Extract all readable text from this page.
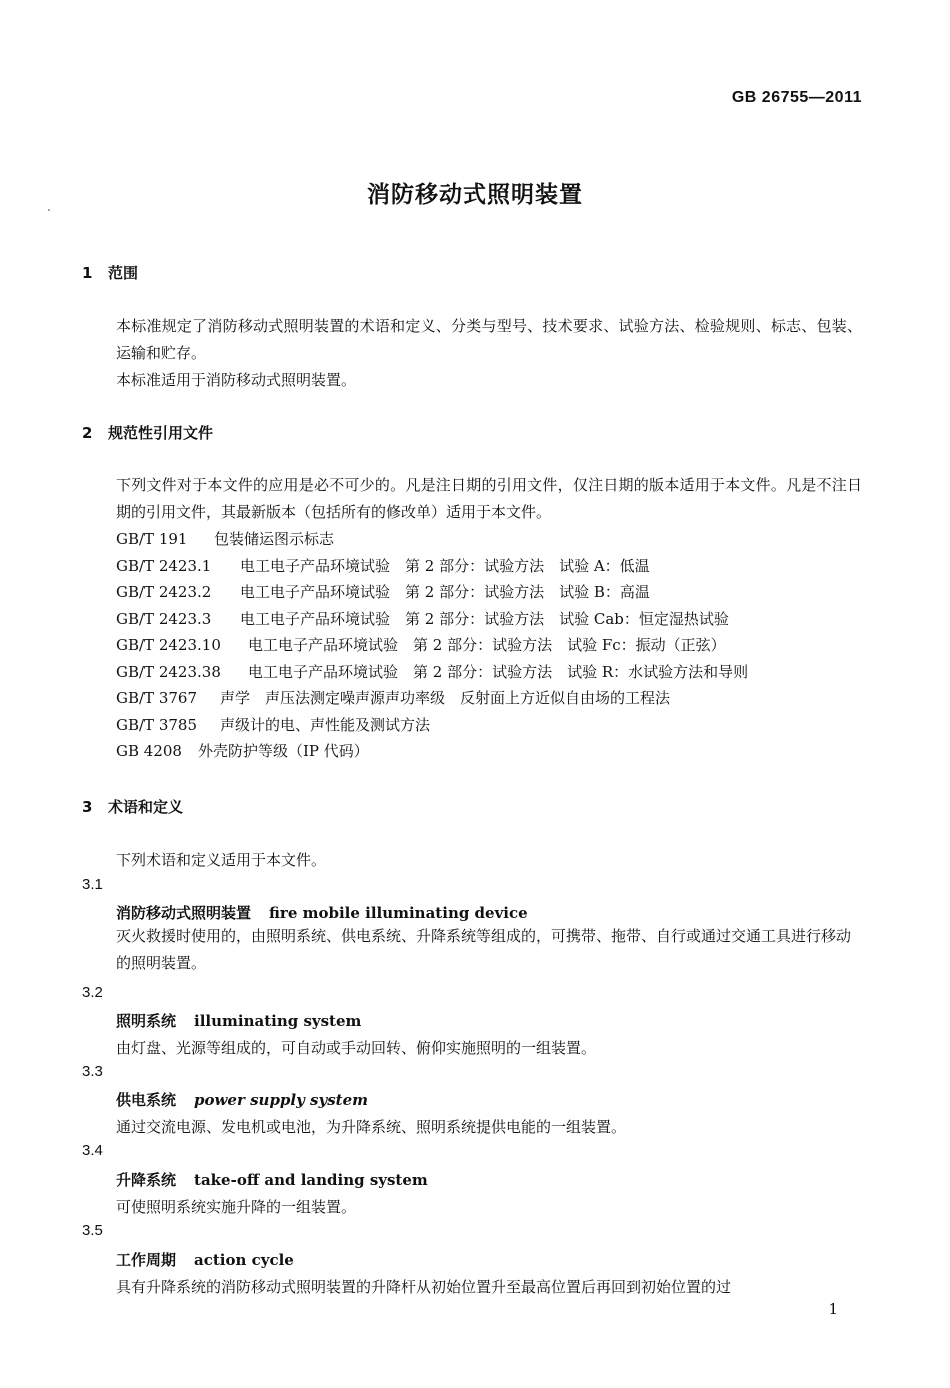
GB 26755—2011
消防移动式照明装置
1 范围
本标准规定了消防移动式照明装置的术语和定义、分类与型号、技术要求、试验方法、检验规则、标志、包装、运输和贮存。
本标准适用于消防移动式照明装置。
2 规范性引用文件
下列文件对于本文件的应用是必不可少的。凡是注日期的引用文件，仅注日期的版本适用于本文件。凡是不注日期的引用文件，其最新版本（包括所有的修改单）适用于本文件。
GB/T 191 包装储运图示标志
GB/T 2423.1 电工电子产品环境试验　第 2 部分：试验方法　试验 A：低温
GB/T 2423.2 电工电子产品环境试验　第 2 部分：试验方法　试验 B：高温
GB/T 2423.3 电工电子产品环境试验　第 2 部分：试验方法　试验 Cab：恒定湿热试验
GB/T 2423.10 电工电子产品环境试验　第 2 部分：试验方法　试验 Fc：振动（正弦）
GB/T 2423.38 电工电子产品环境试验　第 2 部分：试验方法　试验 R：水试验方法和导则
GB/T 3767 声学　声压法测定噪声源声功率级　反射面上方近似自由场的工程法
GB/T 3785 声级计的电、声性能及测试方法
GB 4208 外壳防护等级（IP 代码）
3 术语和定义
下列术语和定义适用于本文件。
3.1
消防移动式照明装置 fire mobile illuminating device
灭火救援时使用的，由照明系统、供电系统、升降系统等组成的，可携带、拖带、自行或通过交通工具进行移动的照明装置。
3.2
照明系统 illuminating system
由灯盘、光源等组成的，可自动或手动回转、俯仰实施照明的一组装置。
3.3
供电系统 power supply system
通过交流电源、发电机或电池，为升降系统、照明系统提供电能的一组装置。
3.4
升降系统 take-off and landing system
可使照明系统实施升降的一组装置。
3.5
工作周期 action cycle
具有升降系统的消防移动式照明装置的升降杆从初始位置升至最高位置后再回到初始位置的过
1
